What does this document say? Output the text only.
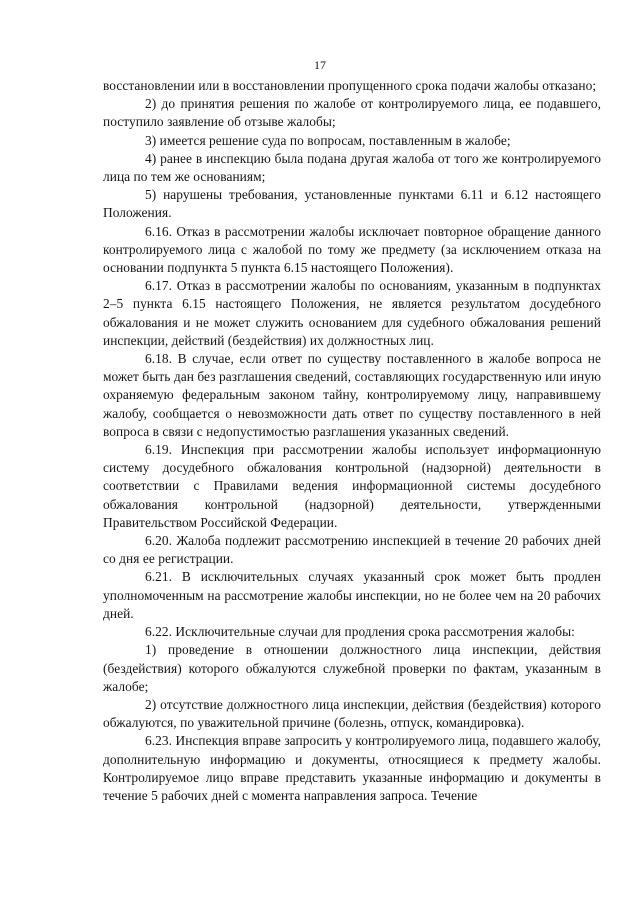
17

восстановлении или в восстановлении пропущенного срока подачи жалобы отказано;

2) до принятия решения по жалобе от контролируемого лица, ее подавшего, поступило заявление об отзыве жалобы;

3) имеется решение суда по вопросам, поставленным в жалобе;

4) ранее в инспекцию была подана другая жалоба от того же контролируемого лица по тем же основаниям;

5) нарушены требования, установленные пунктами 6.11 и 6.12 настоящего Положения.

6.16. Отказ в рассмотрении жалобы исключает повторное обращение данного контролируемого лица с жалобой по тому же предмету (за исключением отказа на основании подпункта 5 пункта 6.15 настоящего Положения).

6.17. Отказ в рассмотрении жалобы по основаниям, указанным в подпунктах 2–5 пункта 6.15 настоящего Положения, не является результатом досудебного обжалования и не может служить основанием для судебного обжалования решений инспекции, действий (бездействия) их должностных лиц.

6.18. В случае, если ответ по существу поставленного в жалобе вопроса не может быть дан без разглашения сведений, составляющих государственную или иную охраняемую федеральным законом тайну, контролируемому лицу, направившему жалобу, сообщается о невозможности дать ответ по существу поставленного в ней вопроса в связи с недопустимостью разглашения указанных сведений.

6.19. Инспекция при рассмотрении жалобы использует информационную систему досудебного обжалования контрольной (надзорной) деятельности в соответствии с Правилами ведения информационной системы досудебного обжалования контрольной (надзорной) деятельности, утвержденными Правительством Российской Федерации.

6.20. Жалоба подлежит рассмотрению инспекцией в течение 20 рабочих дней со дня ее регистрации.

6.21. В исключительных случаях указанный срок может быть продлен уполномоченным на рассмотрение жалобы инспекции, но не более чем на 20 рабочих дней.

6.22. Исключительные случаи для продления срока рассмотрения жалобы:

1) проведение в отношении должностного лица инспекции, действия (бездействия) которого обжалуются служебной проверки по фактам, указанным в жалобе;

2) отсутствие должностного лица инспекции, действия (бездействия) которого обжалуются, по уважительной причине (болезнь, отпуск, командировка).

6.23. Инспекция вправе запросить у контролируемого лица, подавшего жалобу, дополнительную информацию и документы, относящиеся к предмету жалобы. Контролируемое лицо вправе представить указанные информацию и документы в течение 5 рабочих дней с момента направления запроса. Течение
